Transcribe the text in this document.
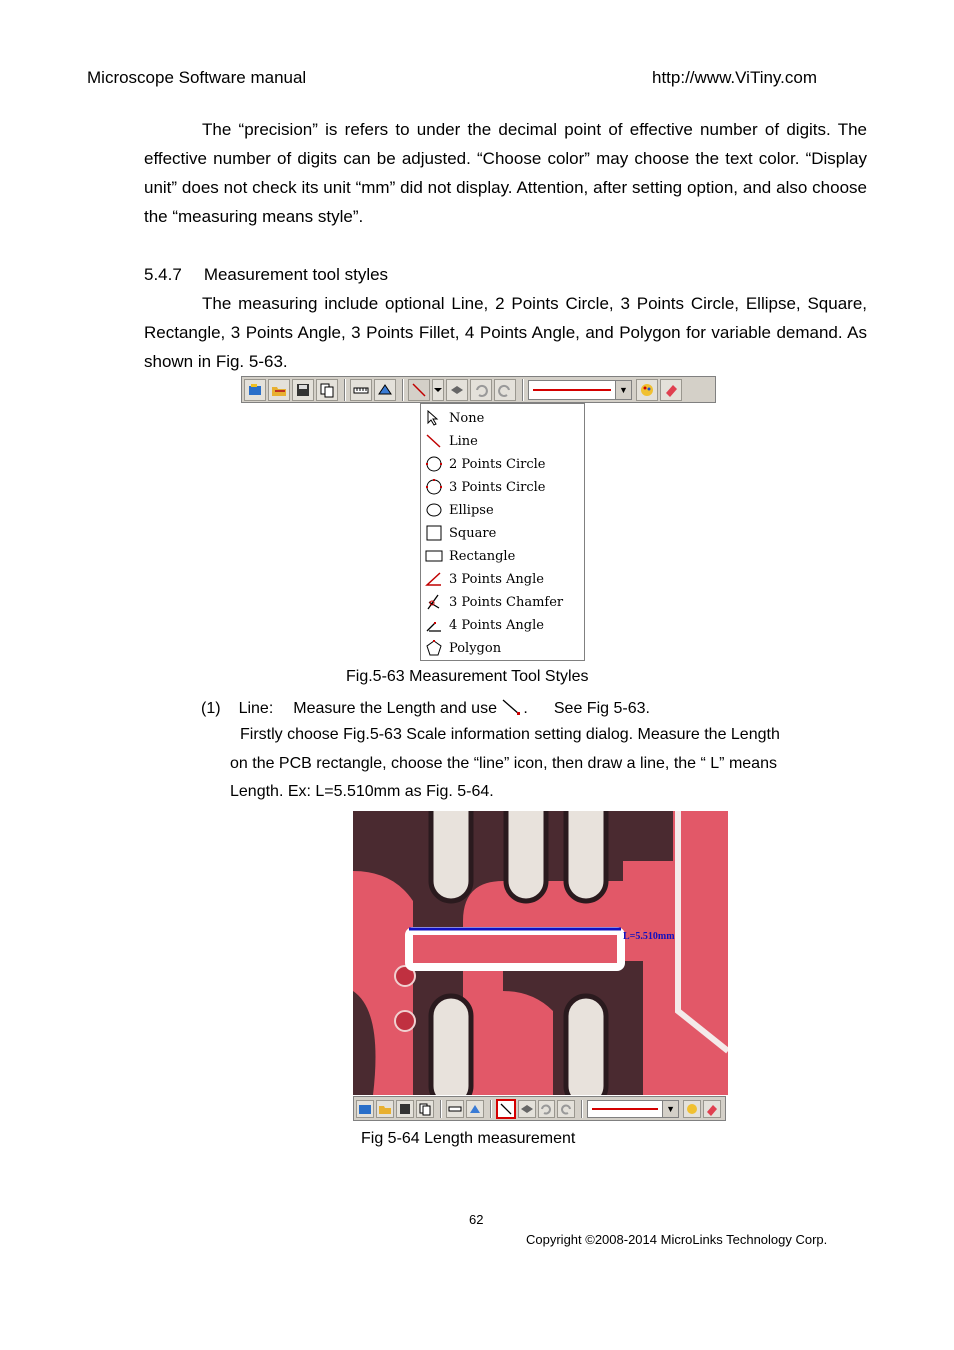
Microscope Software manual	http://www.ViTiny.com

The “precision” is refers to under the decimal point of effective number of digits. The effective number of digits can be adjusted. “Choose color” may choose the text color. “Display unit” does not check its unit “mm” did not display. Attention, after setting option, and also choose the “measuring means style”.

5.4.7 Measurement tool styles

The measuring include optional Line, 2 Points Circle, 3 Points Circle, Ellipse, Square, Rectangle, 3 Points Angle, 3 Points Fillet, 4 Points Angle, and Polygon for variable demand. As shown in Fig. 5-63.

▼
None
Line
2 Points Circle
3 Points Circle
Ellipse
Square
Rectangle
3 Points Angle
3 Points Chamfer
4 Points Angle
Polygon
Fig.5-63 Measurement Tool Styles
(1) Line: Measure the Length and use . See Fig 5-63.
Firstly choose Fig.5-63 Scale information setting dialog. Measure the Length
on the PCB rectangle, choose the “line” icon, then draw a line, the “ L” means
Length. Ex: L=5.510mm as Fig. 5-64.
L=5.510mm
▼
Fig 5-64 Length measurement
62
Copyright ©2008-2014 MicroLinks Technology Corp.
